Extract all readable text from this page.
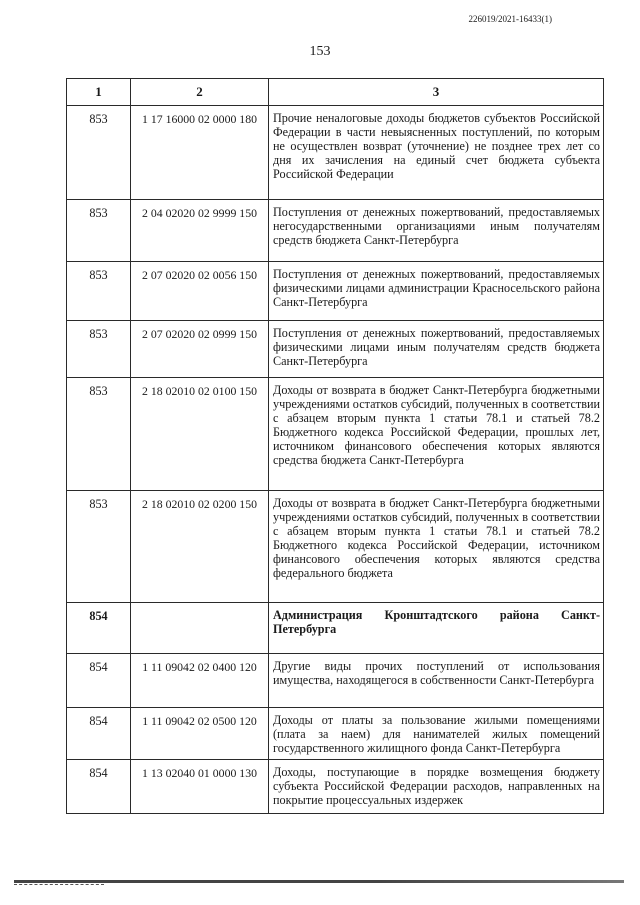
226019/2021-16433(1)
153
1	2	3
853	1 17 16000 02 0000 180	Прочие неналоговые доходы бюджетов субъектов Российской Федерации в части невыясненных поступлений, по которым не осуществлен возврат (уточнение) не позднее трех лет со дня их зачисления на единый счет бюджета субъекта Российской Федерации

853	2 04 02020 02 9999 150	Поступления от денежных пожертвований, предоставляемых негосударственными организациями иным получателям средств бюджета Санкт-Петербурга

853	2 07 02020 02 0056 150	Поступления от денежных пожертвований, предоставляемых физическими лицами администрации Красносельского района Санкт-Петербурга

853	2 07 02020 02 0999 150	Поступления от денежных пожертвований, предоставляемых физическими лицами иным получателям средств бюджета Санкт-Петербурга

853	2 18 02010 02 0100 150	Доходы от возврата в бюджет Санкт-Петербурга бюджетными учреждениями остатков субсидий, полученных в соответствии с абзацем вторым пункта 1 статьи 78.1 и статьей 78.2 Бюджетного кодекса Российской Федерации, прошлых лет, источником финансового обеспечения которых являются средства бюджета Санкт-Петербурга

853	2 18 02010 02 0200 150	Доходы от возврата в бюджет Санкт-Петербурга бюджетными учреждениями остатков субсидий, полученных в соответствии с абзацем вторым пункта 1 статьи 78.1 и статьей 78.2 Бюджетного кодекса Российской Федерации, источником финансового обеспечения которых являются средства федерального бюджета

854		Администрация Кронштадтского района Санкт-Петербурга

854	1 11 09042 02 0400 120	Другие виды прочих поступлений от использования имущества, находящегося в собственности Санкт-Петербурга

854	1 11 09042 02 0500 120	Доходы от платы за пользование жилыми помещениями (плата за наем) для нанимателей жилых помещений государственного жилищного фонда Санкт-Петербурга

854	1 13 02040 01 0000 130	Доходы, поступающие в порядке возмещения бюджету субъекта Российской Федерации расходов, направленных на покрытие процессуальных издержек
